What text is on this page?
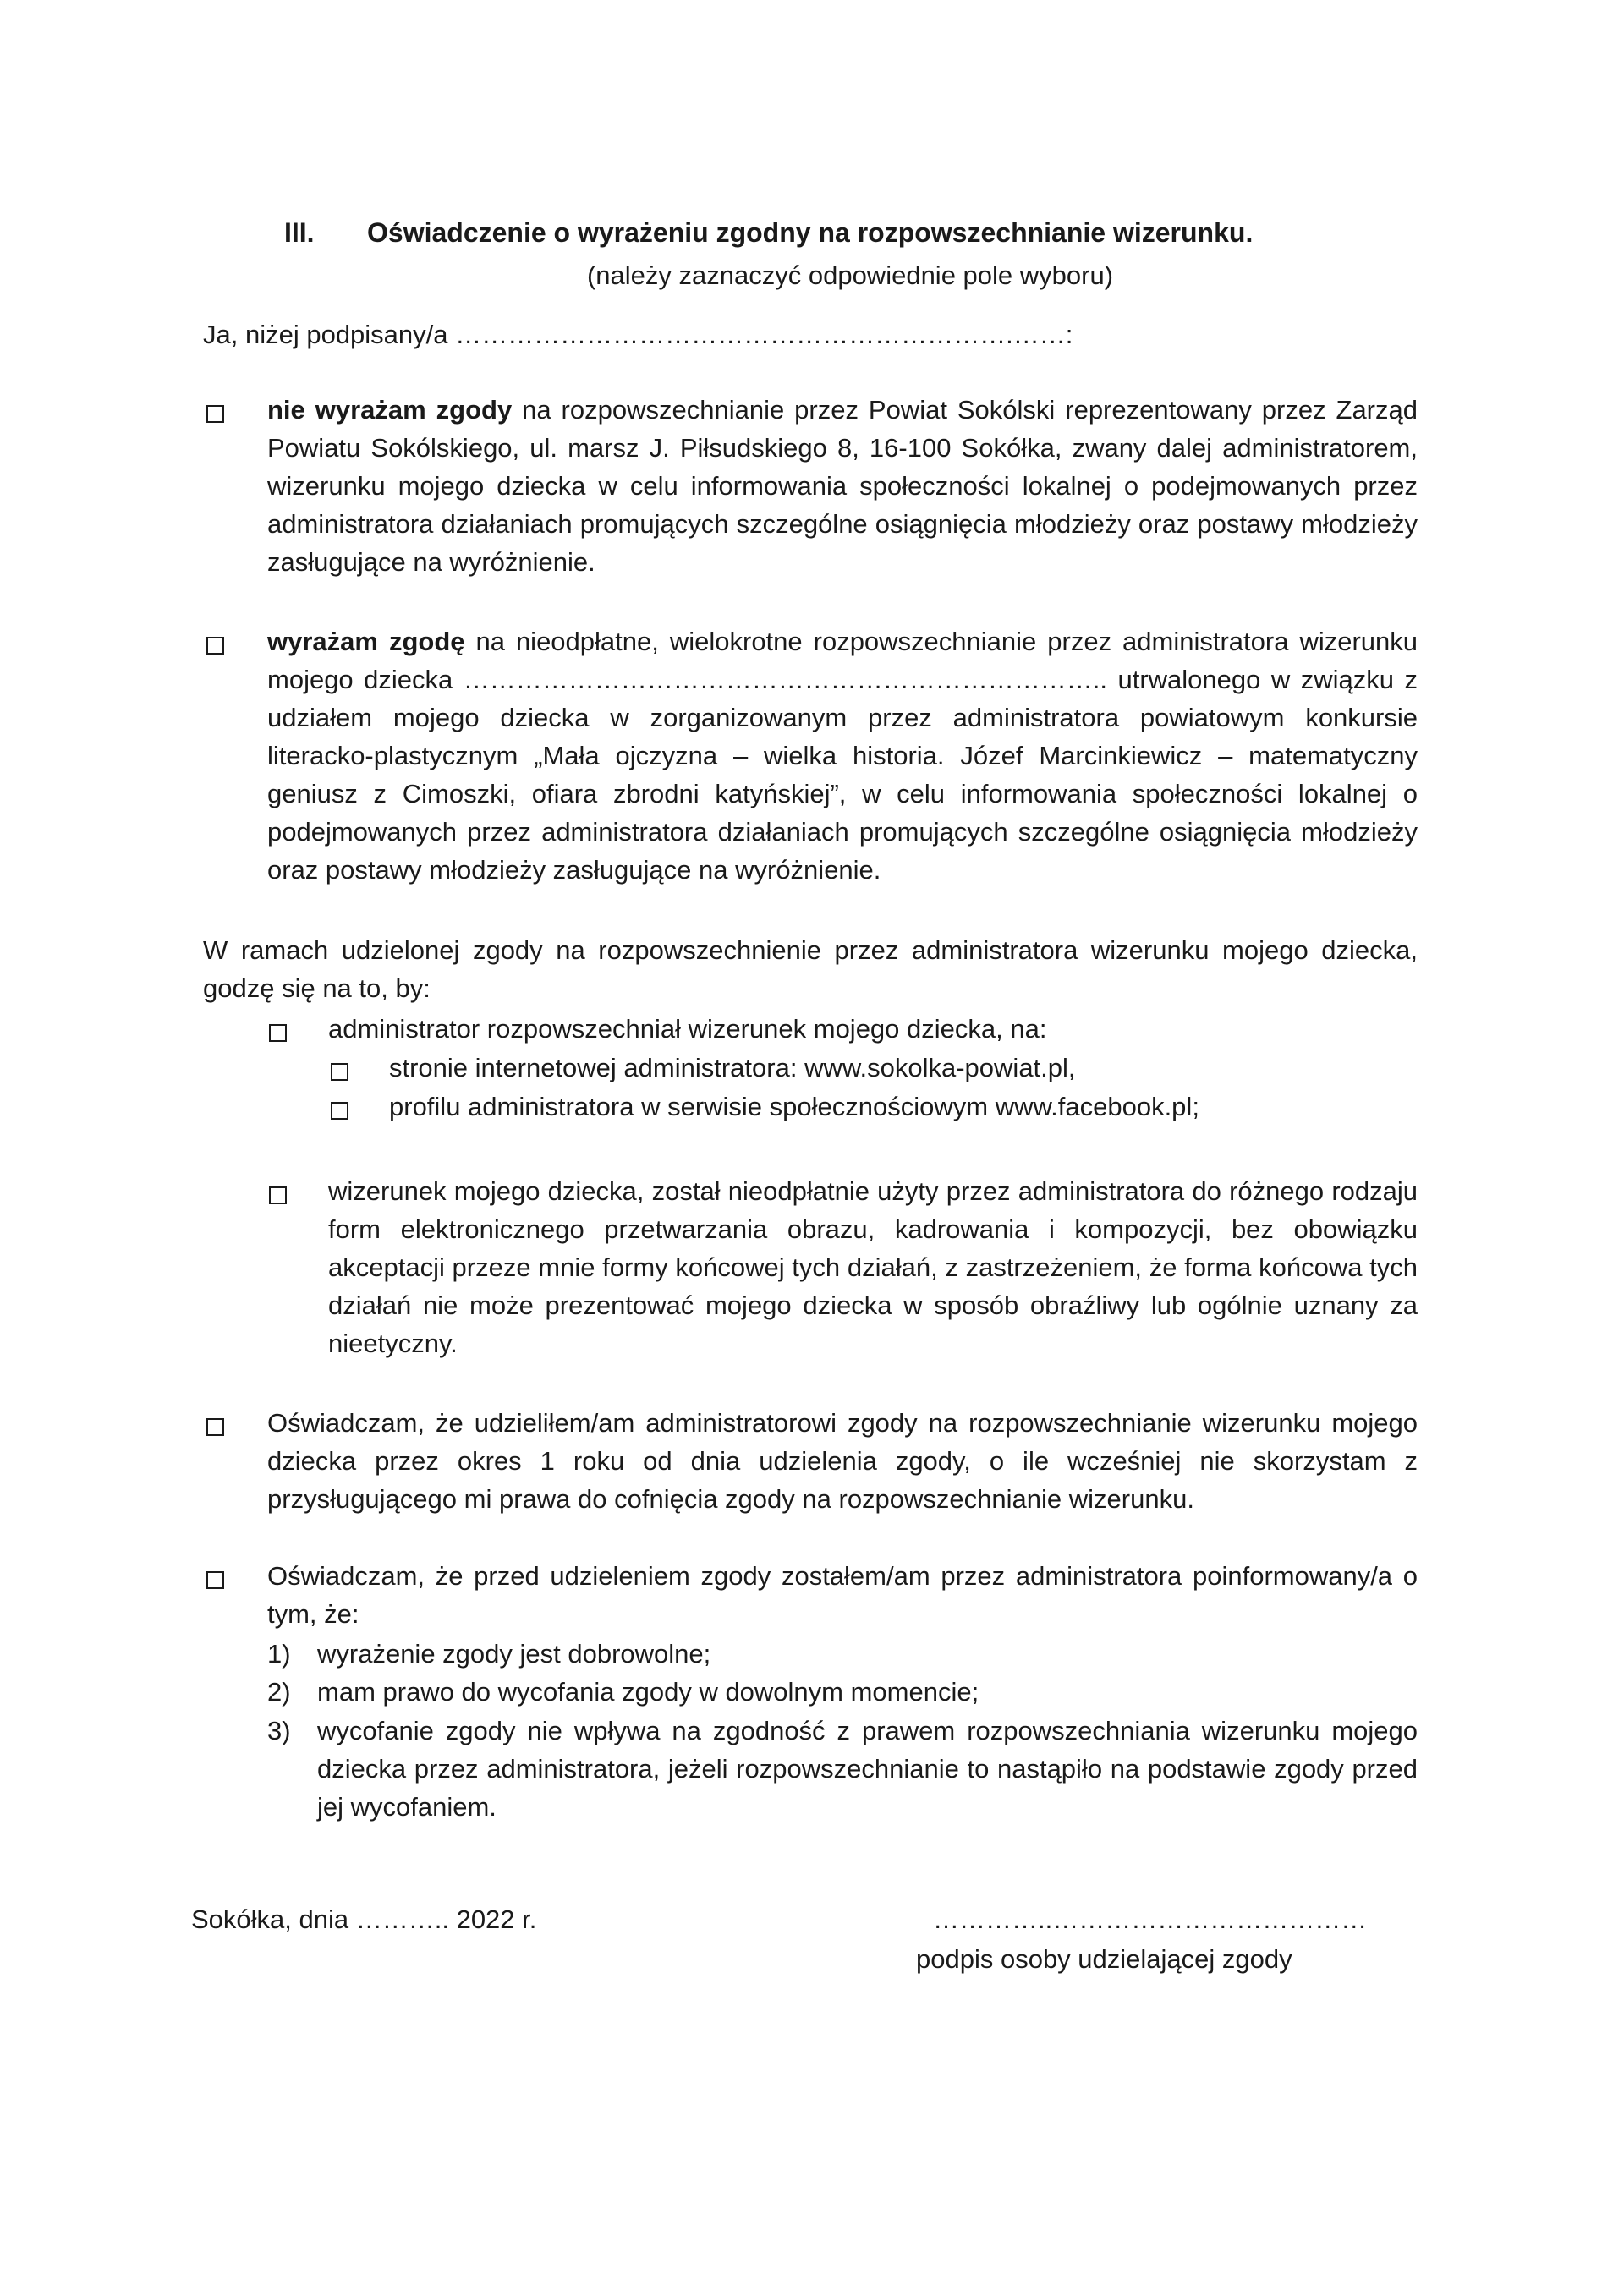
III. Oświadczenie o wyrażeniu zgodny na rozpowszechnianie wizerunku.
(należy zaznaczyć odpowiednie pole wyboru)
Ja, niżej podpisany/a ……………………………………………………….……:
nie wyrażam zgody na rozpowszechnianie przez Powiat Sokólski reprezentowany przez Zarząd Powiatu Sokólskiego, ul. marsz J. Piłsudskiego 8, 16-100 Sokółka, zwany dalej administratorem, wizerunku mojego dziecka w celu informowania społeczności lokalnej o podejmowanych przez administratora działaniach promujących szczególne osiągnięcia młodzieży oraz postawy młodzieży zasługujące na wyróżnienie.
wyrażam zgodę na nieodpłatne, wielokrotne rozpowszechnianie przez administratora wizerunku mojego dziecka ……………………………………………………………….. utrwalonego w związku z udziałem mojego dziecka w zorganizowanym przez administratora powiatowym konkursie literacko-plastycznym „Mała ojczyzna – wielka historia. Józef Marcinkiewicz – matematyczny geniusz z Cimoszki, ofiara zbrodni katyńskiej”, w celu informowania społeczności lokalnej o podejmowanych przez administratora działaniach promujących szczególne osiągnięcia młodzieży oraz postawy młodzieży zasługujące na wyróżnienie.
W ramach udzielonej zgody na rozpowszechnienie przez administratora wizerunku mojego dziecka, godzę się na to, by:
administrator rozpowszechniał wizerunek mojego dziecka, na:
stronie internetowej administratora: www.sokolka-powiat.pl,
profilu administratora w serwisie społecznościowym www.facebook.pl;
wizerunek mojego dziecka, został nieodpłatnie użyty przez administratora do różnego rodzaju form elektronicznego przetwarzania obrazu, kadrowania i kompozycji, bez obowiązku akceptacji przeze mnie formy końcowej tych działań, z zastrzeżeniem, że forma końcowa tych działań nie może prezentować mojego dziecka w sposób obraźliwy lub ogólnie uznany za nieetyczny.
Oświadczam, że udzieliłem/am administratorowi zgody na rozpowszechnianie wizerunku mojego dziecka przez okres 1 roku od dnia udzielenia zgody, o ile wcześniej nie skorzystam z przysługującego mi prawa do cofnięcia zgody na rozpowszechnianie wizerunku.
Oświadczam, że przed udzieleniem zgody zostałem/am przez administratora poinformowany/a o tym, że:
1) wyrażenie zgody jest dobrowolne;
2) mam prawo do wycofania zgody w dowolnym momencie;
3) wycofanie zgody nie wpływa na zgodność z prawem rozpowszechniania wizerunku mojego dziecka przez administratora, jeżeli rozpowszechnianie to nastąpiło na podstawie zgody przed jej wycofaniem.
Sokółka, dnia ……….. 2022 r.	…………..………………………………
podpis osoby udzielającej zgody
